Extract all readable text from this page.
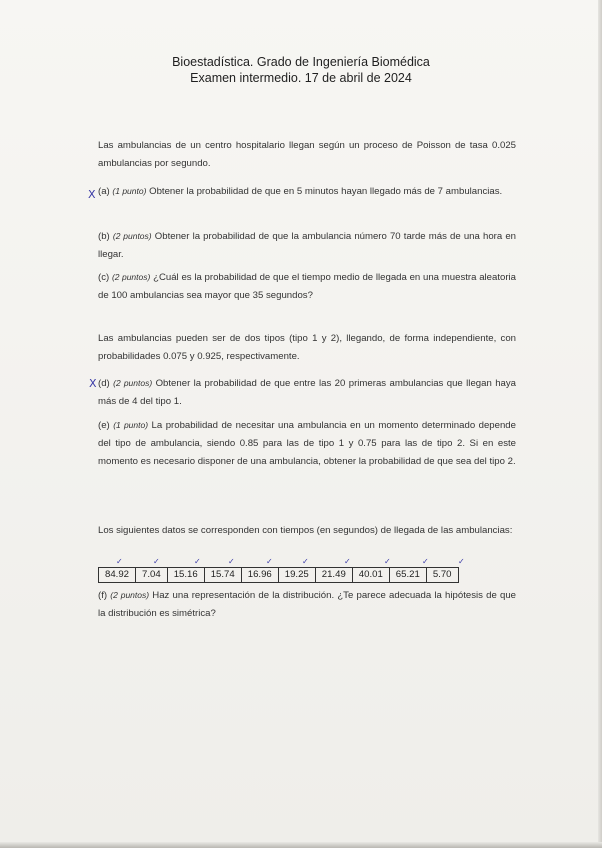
Bioestadística. Grado de Ingeniería Biomédica
Examen intermedio. 17 de abril de 2024

Las ambulancias de un centro hospitalario llegan según un proceso de Poisson de tasa 0.025 ambulancias por segundo.

X (a) (1 punto) Obtener la probabilidad de que en 5 minutos hayan llegado más de 7 ambulancias.

(b) (2 puntos) Obtener la probabilidad de que la ambulancia número 70 tarde más de una hora en llegar.

(c) (2 puntos) ¿Cuál es la probabilidad de que el tiempo medio de llegada en una muestra aleatoria de 100 ambulancias sea mayor que 35 segundos?

Las ambulancias pueden ser de dos tipos (tipo 1 y 2), llegando, de forma independiente, con probabilidades 0.075 y 0.925, respectivamente.

X (d) (2 puntos) Obtener la probabilidad de que entre las 20 primeras ambulancias que llegan haya más de 4 del tipo 1.

(e) (1 punto) La probabilidad de necesitar una ambulancia en un momento determinado depende del tipo de ambulancia, siendo 0.85 para las de tipo 1 y 0.75 para las de tipo 2. Si en este momento es necesario disponer de una ambulancia, obtener la probabilidad de que sea del tipo 2.

Los siguientes datos se corresponden con tiempos (en segundos) de llegada de las ambulancias:

✓	✓	✓	✓	✓	✓	✓	✓	✓	✓
84.92	7.04	15.16	15.74	16.96	19.25	21.49	40.01	65.21	5.70

(f) (2 puntos) Haz una representación de la distribución. ¿Te parece adecuada la hipótesis de que la distribución es simétrica?
